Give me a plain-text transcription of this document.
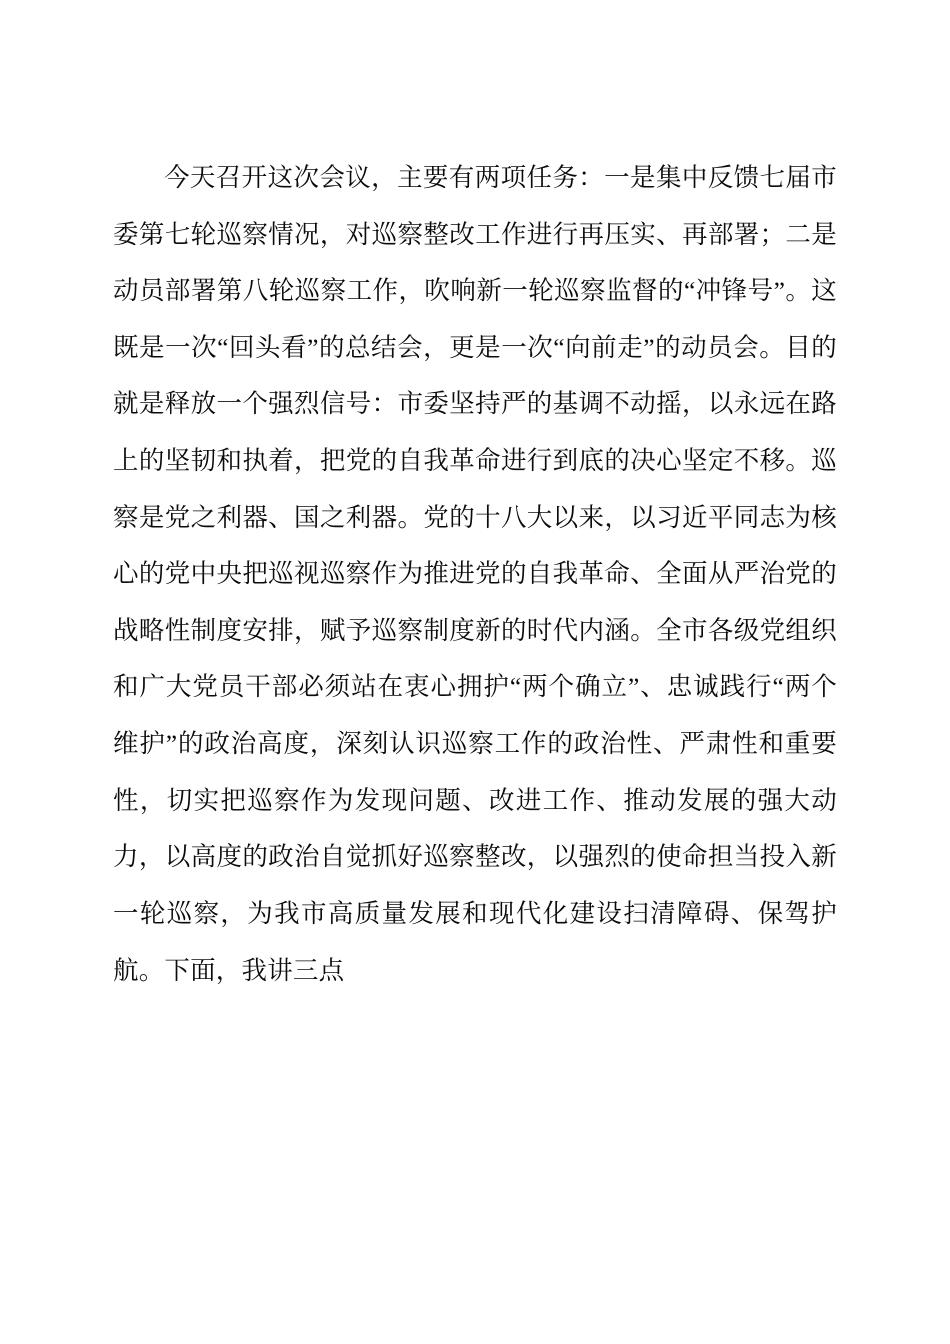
今天召开这次会议，主要有两项任务：一是集中反馈七届市委第七轮巡察情况，对巡察整改工作进行再压实、再部署；二是动员部署第八轮巡察工作，吹响新一轮巡察监督的“冲锋号”。这既是一次“回头看”的总结会，更是一次“向前走”的动员会。目的就是释放一个强烈信号：市委坚持严的基调不动摇，以永远在路上的坚韧和执着，把党的自我革命进行到底的决心坚定不移。巡察是党之利器、国之利器。党的十八大以来，以习近平同志为核心的党中央把巡视巡察作为推进党的自我革命、全面从严治党的战略性制度安排，赋予巡察制度新的时代内涵。全市各级党组织和广大党员干部必须站在衷心拥护“两个确立”、忠诚践行“两个维护”的政治高度，深刻认识巡察工作的政治性、严肃性和重要性，切实把巡察作为发现问题、改进工作、推动发展的强大动力，以高度的政治自觉抓好巡察整改，以强烈的使命担当投入新一轮巡察，为我市高质量发展和现代化建设扫清障碍、保驾护航。下面，我讲三点
